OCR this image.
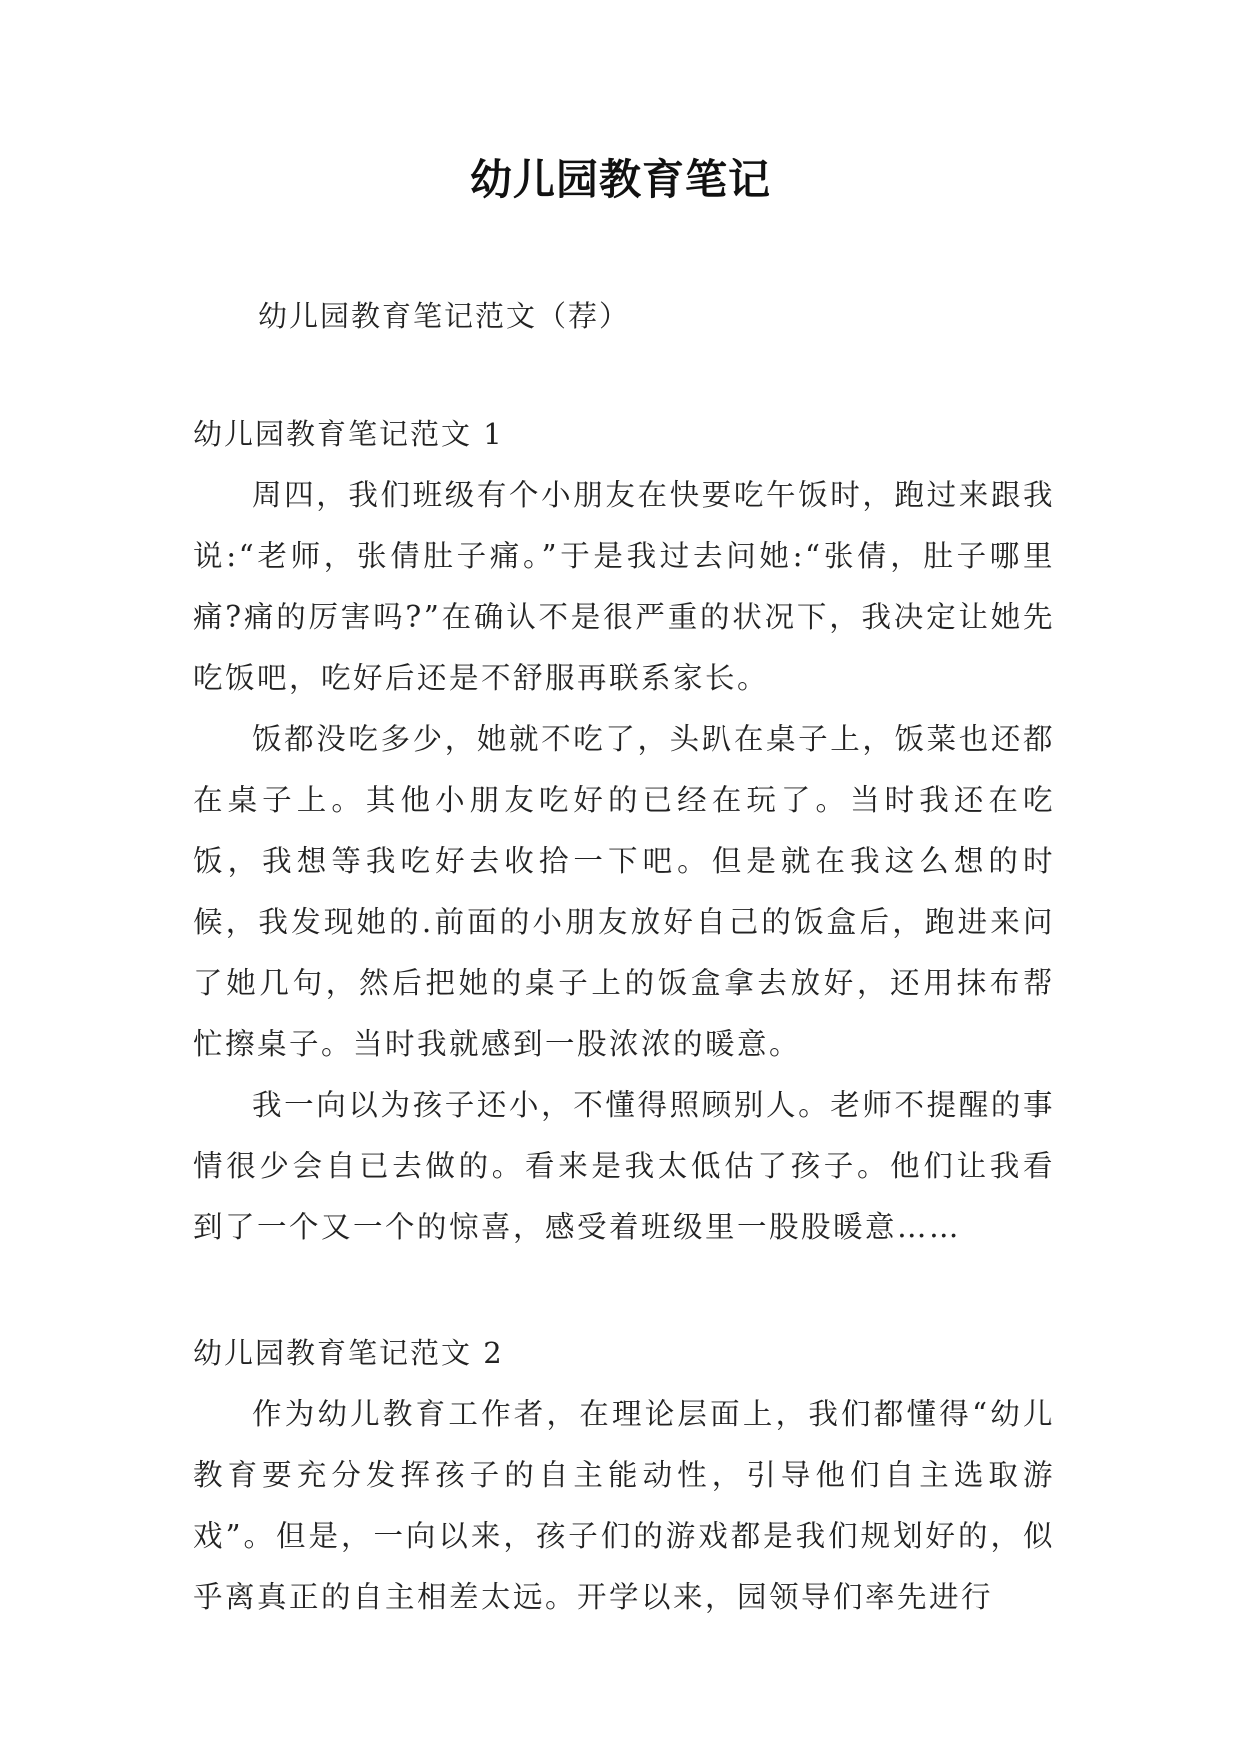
幼儿园教育笔记
幼儿园教育笔记范文（荐）

幼儿园教育笔记范文 1

周四，我们班级有个小朋友在快要吃午饭时，跑过来跟我说:“老师，张倩肚子痛。”于是我过去问她:“张倩，肚子哪里痛?痛的厉害吗?”在确认不是很严重的状况下，我决定让她先吃饭吧，吃好后还是不舒服再联系家长。

饭都没吃多少，她就不吃了，头趴在桌子上，饭菜也还都在桌子上。其他小朋友吃好的已经在玩了。当时我还在吃饭，我想等我吃好去收拾一下吧。但是就在我这么想的时候，我发现她的.前面的小朋友放好自己的饭盒后，跑进来问了她几句，然后把她的桌子上的饭盒拿去放好，还用抹布帮忙擦桌子。当时我就感到一股浓浓的暖意。

我一向以为孩子还小，不懂得照顾别人。老师不提醒的事情很少会自已去做的。看来是我太低估了孩子。他们让我看到了一个又一个的惊喜，感受着班级里一股股暖意……

幼儿园教育笔记范文 2

作为幼儿教育工作者，在理论层面上，我们都懂得“幼儿教育要充分发挥孩子的自主能动性，引导他们自主选取游戏”。但是，一向以来，孩子们的游戏都是我们规划好的，似乎离真正的自主相差太远。开学以来，园领导们率先进行
